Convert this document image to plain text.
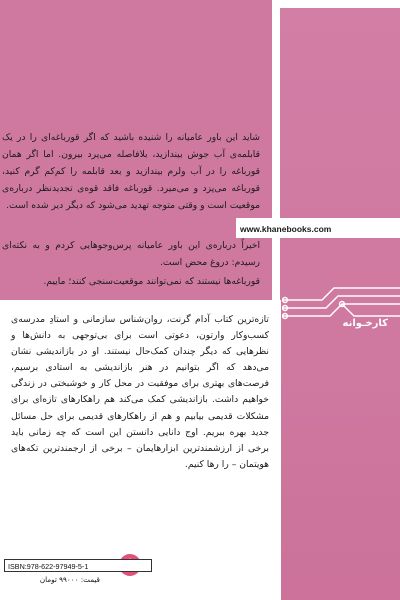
شاید این باور عامیانه را شنیده باشید که اگر قورباغه‌ای را در یک قابلمه‌ی آب جوش بیندازید، بلافاصله می‌پرد بیرون. اما اگر همان قورباغه را در آب ولرم بیندازید و بعد قابلمه را کم‌کم گرم کنید، قورباغه می‌پزد و می‌میرد. قورباغه فاقد قوه‌ی تجدیدنظر درباره‌ی موقعیت است و وقتی متوجه تهدید می‌شود که دیگر دیر شده است.

اخیراً درباره‌ی این باور عامیانه پرس‌وجوهایی کردم و به نکته‌ای رسیدم: دروغ محض است.

قورباغه‌ها نیستند که نمی‌توانند موقعیت‌سنجی کنند؛ ماییم.

www.khanebooks.com
کارخـوانه

تازه‌ترین کتاب آدام گرنت، روان‌شناس سازمانی و استادِ مدرسه‌ی کسب‌وکار وارتون، دعوتی است برای بی‌توجهی به دانش‌ها و نظرهایی که دیگر چندان کمک‌حال نیستند. او در بازاندیشی نشان می‌دهد که اگر بتوانیم در هنر بازاندیشی به استادی برسیم، فرصت‌های بهتری برای موفقیت در محل کار و خوشبختی در زندگی خواهیم داشت. بازاندیشی کمک می‌کند هم راهکارهای تازه‌ای برای مشکلات قدیمی بیابیم و هم از راهکارهای قدیمی برای حل مسائل جدید بهره ببریم. اوج دانایی دانستن این است که چه زمانی باید برخی از ارزشمندترین ابزارهایمان – برخی از ارجمندترین تکه‌های هویتمان – را رها کنیم.

ISBN:978-622-97949-5-1
قیمت: ۹۹۰۰۰ تومان
